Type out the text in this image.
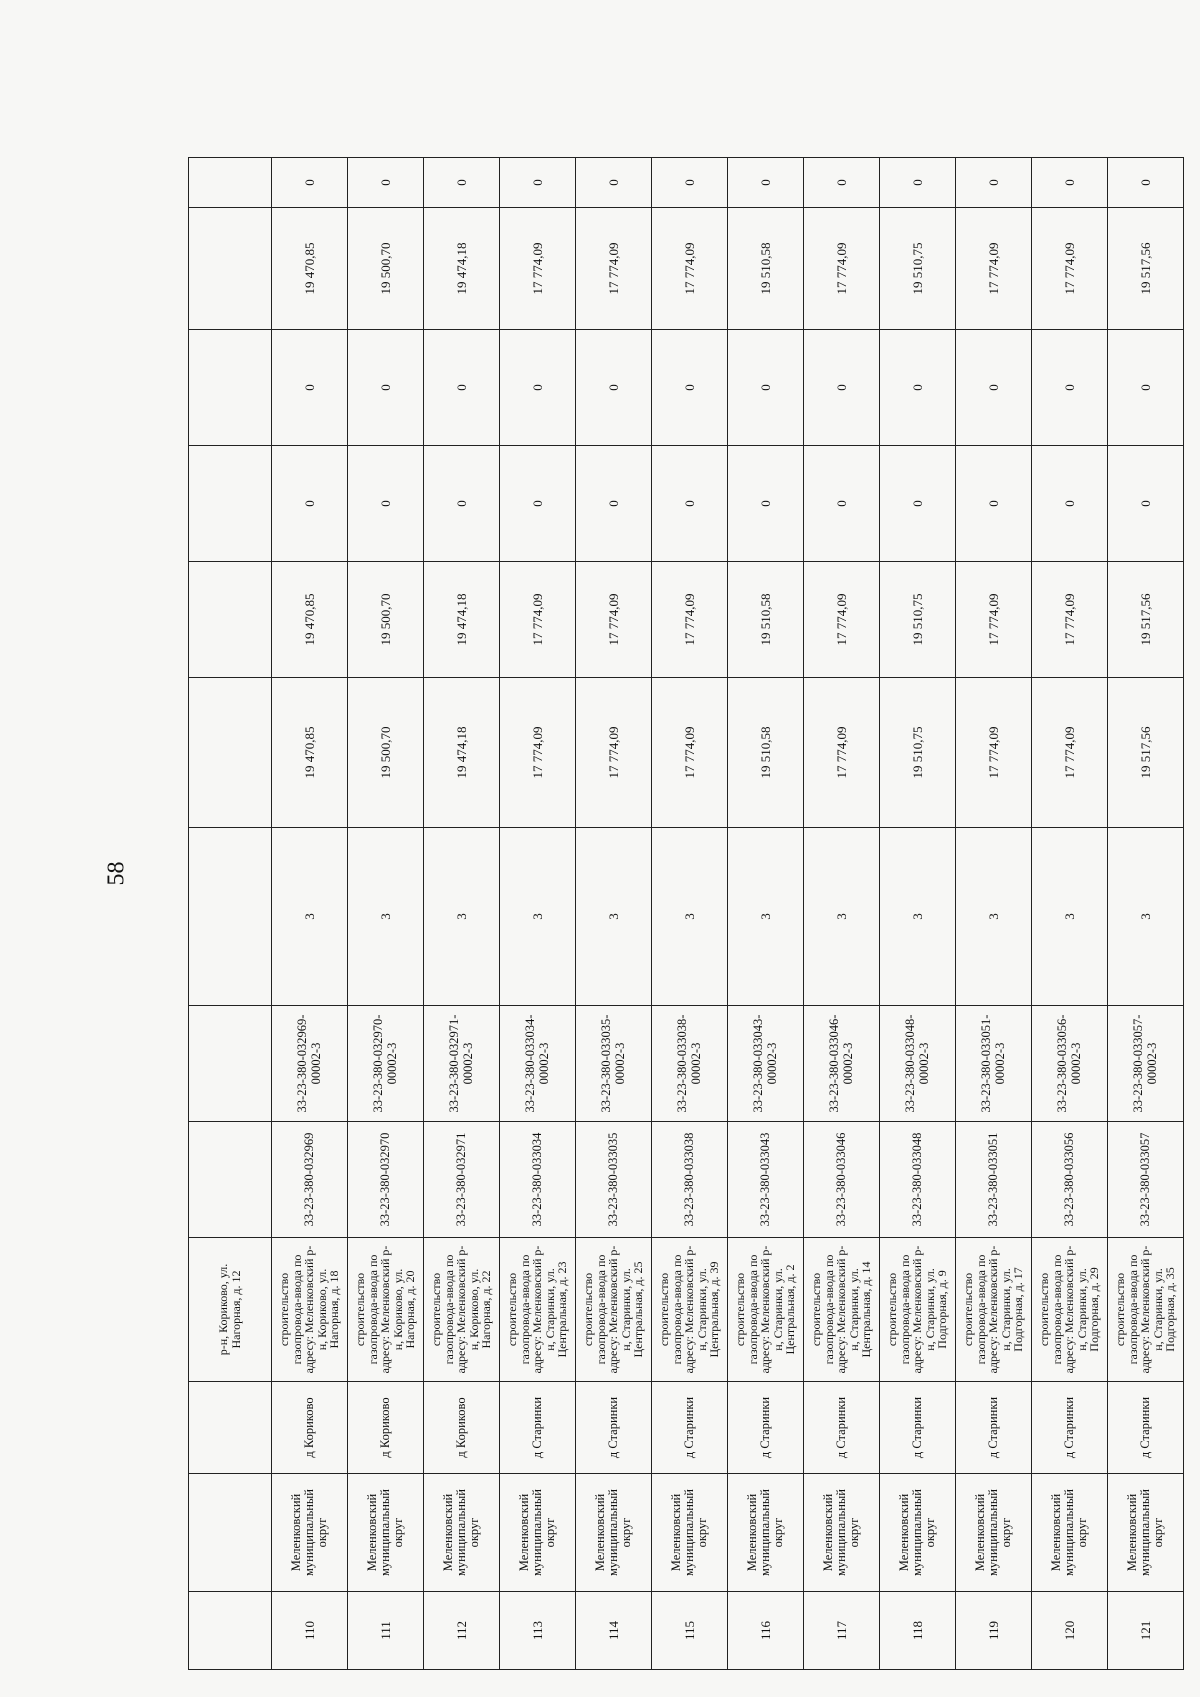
58
			р-н, Кориково, ул. Нагорная, д. 12									
110	Меленковский муниципальный округ	д Кориково	строительство газопровода-ввода по адресу: Меленковский р-н, Кориково, ул. Нагорная, д. 18	33-23-380-032969	33-23-380-032969-00002-3	3	19 470,85	19 470,85	0	0	19 470,85	0
111	Меленковский муниципальный округ	д Кориково	строительство газопровода-ввода по адресу: Меленковский р-н, Кориково, ул. Нагорная, д. 20	33-23-380-032970	33-23-380-032970-00002-3	3	19 500,70	19 500,70	0	0	19 500,70	0
112	Меленковский муниципальный округ	д Кориково	строительство газопровода-ввода по адресу: Меленковский р-н, Кориково, ул. Нагорная, д. 22	33-23-380-032971	33-23-380-032971-00002-3	3	19 474,18	19 474,18	0	0	19 474,18	0
113	Меленковский муниципальный округ	д Старинки	строительство газопровода-ввода по адресу: Меленковский р-н, Старинки, ул. Центральная, д. 23	33-23-380-033034	33-23-380-033034-00002-3	3	17 774,09	17 774,09	0	0	17 774,09	0
114	Меленковский муниципальный округ	д Старинки	строительство газопровода-ввода по адресу: Меленковский р-н, Старинки, ул. Центральная, д. 25	33-23-380-033035	33-23-380-033035-00002-3	3	17 774,09	17 774,09	0	0	17 774,09	0
115	Меленковский муниципальный округ	д Старинки	строительство газопровода-ввода по адресу: Меленковский р-н, Старинки, ул. Центральная, д. 39	33-23-380-033038	33-23-380-033038-00002-3	3	17 774,09	17 774,09	0	0	17 774,09	0
116	Меленковский муниципальный округ	д Старинки	строительство газопровода-ввода по адресу: Меленковский р-н, Старинки, ул. Центральная, д. 2	33-23-380-033043	33-23-380-033043-00002-3	3	19 510,58	19 510,58	0	0	19 510,58	0
117	Меленковский муниципальный округ	д Старинки	строительство газопровода-ввода по адресу: Меленковский р-н, Старинки, ул. Центральная, д. 14	33-23-380-033046	33-23-380-033046-00002-3	3	17 774,09	17 774,09	0	0	17 774,09	0
118	Меленковский муниципальный округ	д Старинки	строительство газопровода-ввода по адресу: Меленковский р-н, Старинки, ул. Подгорная, д. 9	33-23-380-033048	33-23-380-033048-00002-3	3	19 510,75	19 510,75	0	0	19 510,75	0
119	Меленковский муниципальный округ	д Старинки	строительство газопровода-ввода по адресу: Меленковский р-н, Старинки, ул. Подгорная, д. 17	33-23-380-033051	33-23-380-033051-00002-3	3	17 774,09	17 774,09	0	0	17 774,09	0
120	Меленковский муниципальный округ	д Старинки	строительство газопровода-ввода по адресу: Меленковский р-н, Старинки, ул. Подгорная, д. 29	33-23-380-033056	33-23-380-033056-00002-3	3	17 774,09	17 774,09	0	0	17 774,09	0
121	Меленковский муниципальный округ	д Старинки	строительство газопровода-ввода по адресу: Меленковский р-н, Старинки, ул. Подгорная, д. 35	33-23-380-033057	33-23-380-033057-00002-3	3	19 517,56	19 517,56	0	0	19 517,56	0
